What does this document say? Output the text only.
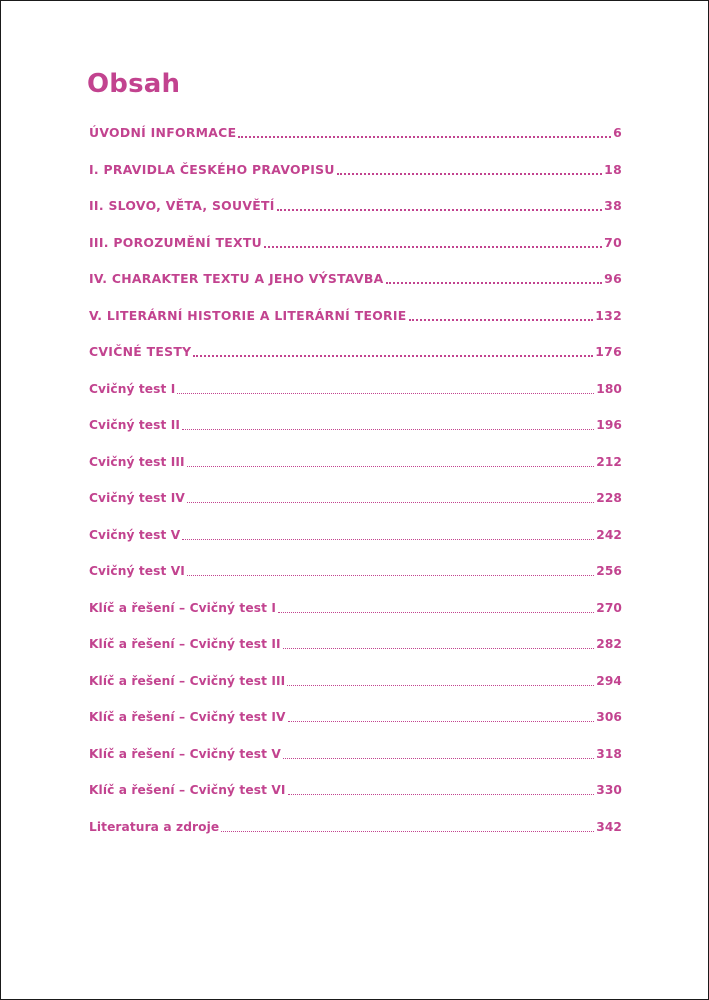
Obsah
ÚVODNÍ INFORMACE	6
I. PRAVIDLA ČESKÉHO PRAVOPISU	18
II. SLOVO, VĚTA, SOUVĚTÍ	38
III. POROZUMĚNÍ TEXTU	70
IV. CHARAKTER TEXTU A JEHO VÝSTAVBA	96
V. LITERÁRNÍ HISTORIE A LITERÁRNÍ TEORIE	132
CVIČNÉ TESTY	176
Cvičný test I	180
Cvičný test II	196
Cvičný test III	212
Cvičný test IV	228
Cvičný test V	242
Cvičný test VI	256
Klíč a řešení – Cvičný test I	270
Klíč a řešení – Cvičný test II	282
Klíč a řešení – Cvičný test III	294
Klíč a řešení – Cvičný test IV	306
Klíč a řešení – Cvičný test V	318
Klíč a řešení – Cvičný test VI	330
Literatura a zdroje	342
